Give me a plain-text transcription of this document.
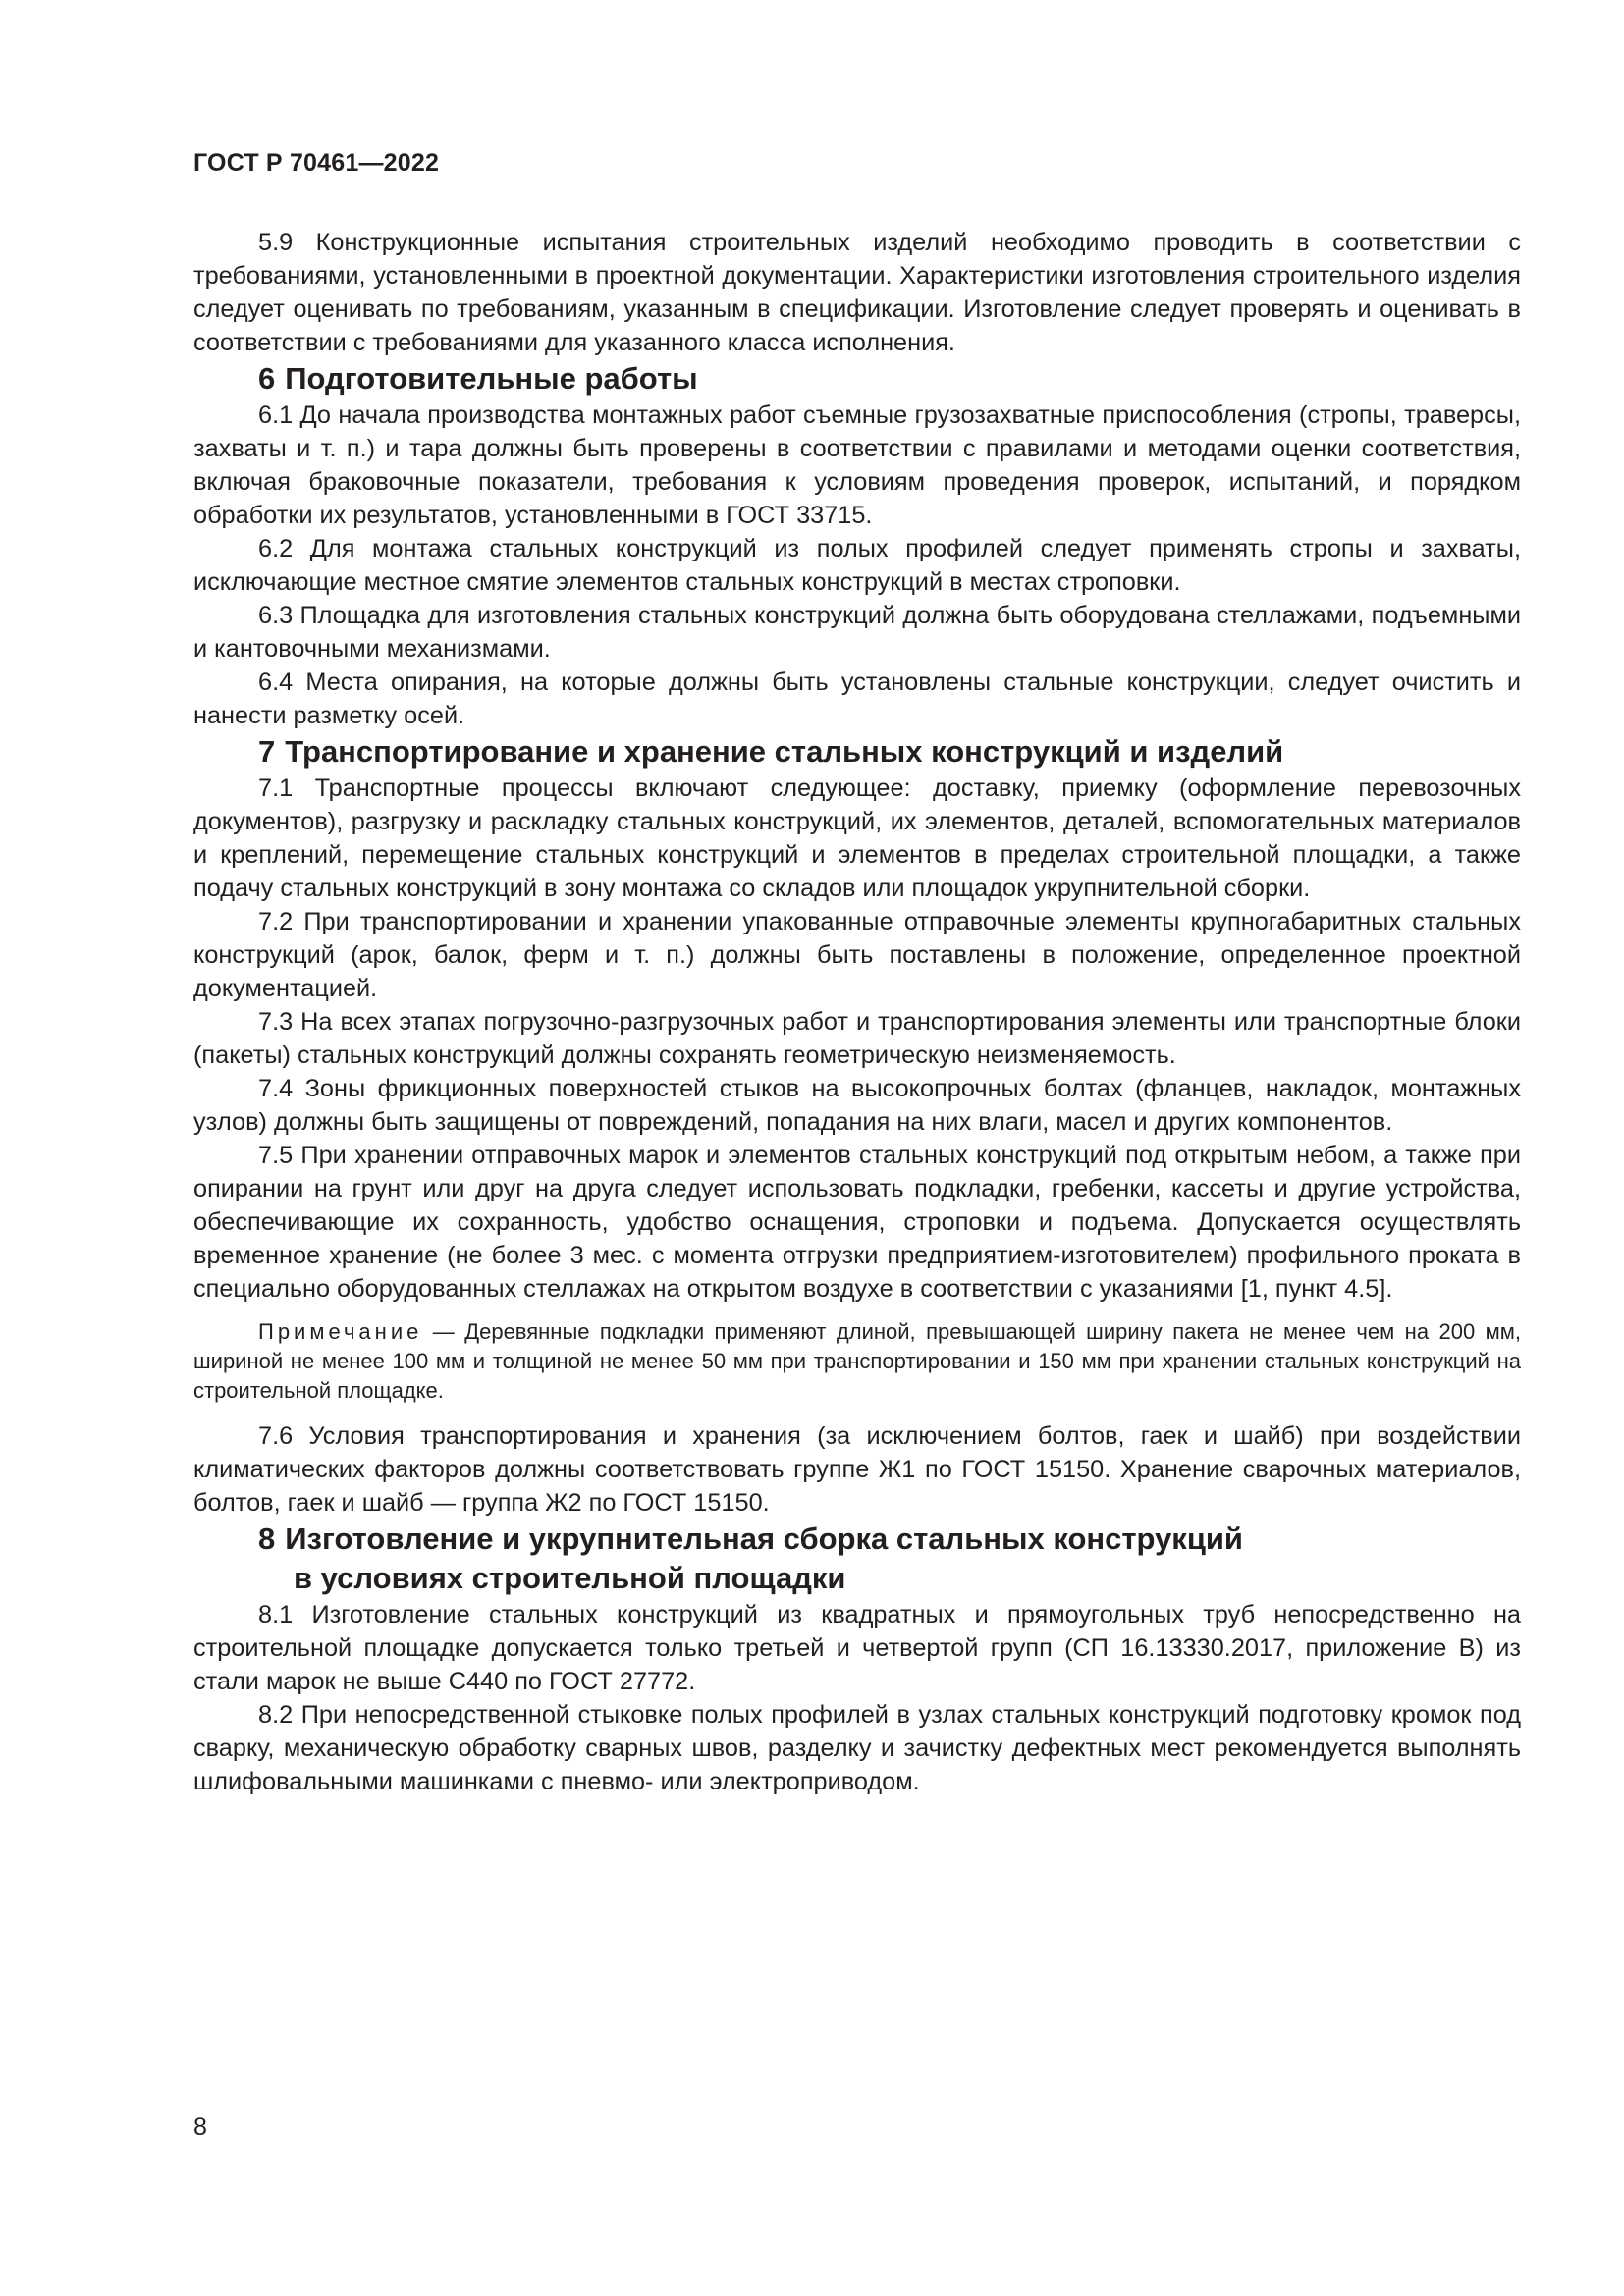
ГОСТ Р 70461—2022

5.9 Конструкционные испытания строительных изделий необходимо проводить в соответствии с требованиями, установленными в проектной документации. Характеристики изготовления строительного изделия следует оценивать по требованиям, указанным в спецификации. Изготовление следует проверять и оценивать в соответствии с требованиями для указанного класса исполнения.

6 Подготовительные работы

6.1 До начала производства монтажных работ съемные грузозахватные приспособления (стропы, траверсы, захваты и т. п.) и тара должны быть проверены в соответствии с правилами и методами оценки соответствия, включая браковочные показатели, требования к условиям проведения проверок, испытаний, и порядком обработки их результатов, установленными в ГОСТ 33715.

6.2 Для монтажа стальных конструкций из полых профилей следует применять стропы и захваты, исключающие местное смятие элементов стальных конструкций в местах строповки.

6.3 Площадка для изготовления стальных конструкций должна быть оборудована стеллажами, подъемными и кантовочными механизмами.

6.4 Места опирания, на которые должны быть установлены стальные конструкции, следует очистить и нанести разметку осей.

7 Транспортирование и хранение стальных конструкций и изделий

7.1 Транспортные процессы включают следующее: доставку, приемку (оформление перевозочных документов), разгрузку и раскладку стальных конструкций, их элементов, деталей, вспомогательных материалов и креплений, перемещение стальных конструкций и элементов в пределах строительной площадки, а также подачу стальных конструкций в зону монтажа со складов или площадок укрупнительной сборки.

7.2 При транспортировании и хранении упакованные отправочные элементы крупногабаритных стальных конструкций (арок, балок, ферм и т. п.) должны быть поставлены в положение, определенное проектной документацией.

7.3 На всех этапах погрузочно-разгрузочных работ и транспортирования элементы или транспортные блоки (пакеты) стальных конструкций должны сохранять геометрическую неизменяемость.

7.4 Зоны фрикционных поверхностей стыков на высокопрочных болтах (фланцев, накладок, монтажных узлов) должны быть защищены от повреждений, попадания на них влаги, масел и других компонентов.

7.5 При хранении отправочных марок и элементов стальных конструкций под открытым небом, а также при опирании на грунт или друг на друга следует использовать подкладки, гребенки, кассеты и другие устройства, обеспечивающие их сохранность, удобство оснащения, строповки и подъема. Допускается осуществлять временное хранение (не более 3 мес. с момента отгрузки предприятием-изготовителем) профильного проката в специально оборудованных стеллажах на открытом воздухе в соответствии с указаниями [1, пункт 4.5].

Примечание — Деревянные подкладки применяют длиной, превышающей ширину пакета не менее чем на 200 мм, шириной не менее 100 мм и толщиной не менее 50 мм при транспортировании и 150 мм при хранении стальных конструкций на строительной площадке.

7.6 Условия транспортирования и хранения (за исключением болтов, гаек и шайб) при воздействии климатических факторов должны соответствовать группе Ж1 по ГОСТ 15150. Хранение сварочных материалов, болтов, гаек и шайб — группа Ж2 по ГОСТ 15150.

8 Изготовление и укрупнительная сборка стальных конструкций
в условиях строительной площадки

8.1 Изготовление стальных конструкций из квадратных и прямоугольных труб непосредственно на строительной площадке допускается только третьей и четвертой групп (СП 16.13330.2017, приложение В) из стали марок не выше С440 по ГОСТ 27772.

8.2 При непосредственной стыковке полых профилей в узлах стальных конструкций подготовку кромок под сварку, механическую обработку сварных швов, разделку и зачистку дефектных мест рекомендуется выполнять шлифовальными машинками с пневмо- или электроприводом.

8
